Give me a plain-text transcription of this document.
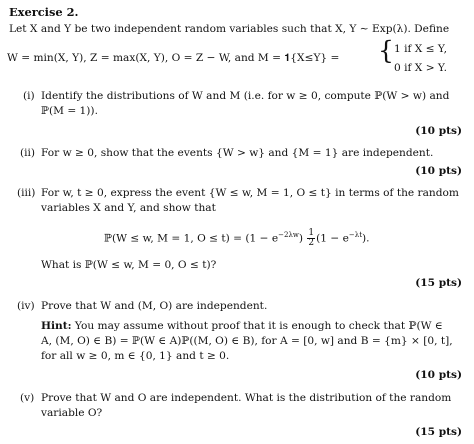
Exercise 2.
Let X and Y be two independent random variables such that X, Y ∼ Exp(λ). Define
W = min(X, Y), Z = max(X, Y), O = Z − W, and M = 𝟏{X≤Y} = { 1 if X ≤ Y,
0 if X > Y.
(i) Identify the distributions of W and M (i.e. for w ≥ 0, compute ℙ(W > w) and
ℙ(M = 1)).
(10 pts)
(ii) For w ≥ 0, show that the events {W > w} and {M = 1} are independent.
(10 pts)
(iii) For w, t ≥ 0, express the event {W ≤ w, M = 1, O ≤ t} in terms of the random
variables X and Y, and show that
ℙ(W ≤ w, M = 1, $O \le t) = (1 - e^{-2\lambda w}) \frac{1}{2} (1 - e^{-\lambda t})$.
What is ℙ(W ≤ w, M = 0, O ≤ t)?
(15 pts)
(iv) Prove that W and (M, O) are independent.
Hint: You may assume without proof that it is enough to check that ℙ(W ∈
A, (M, O) ∈ B) = ℙ(W ∈ A)ℙ((M, O) ∈ B), for A = [0, w] and B = {m} × [0, t],
for all w ≥ 0, m ∈ {0, 1} and t ≥ 0.
(10 pts)
(v) Prove that W and O are independent. What is the distribution of the random
variable O?
(15 pts)
